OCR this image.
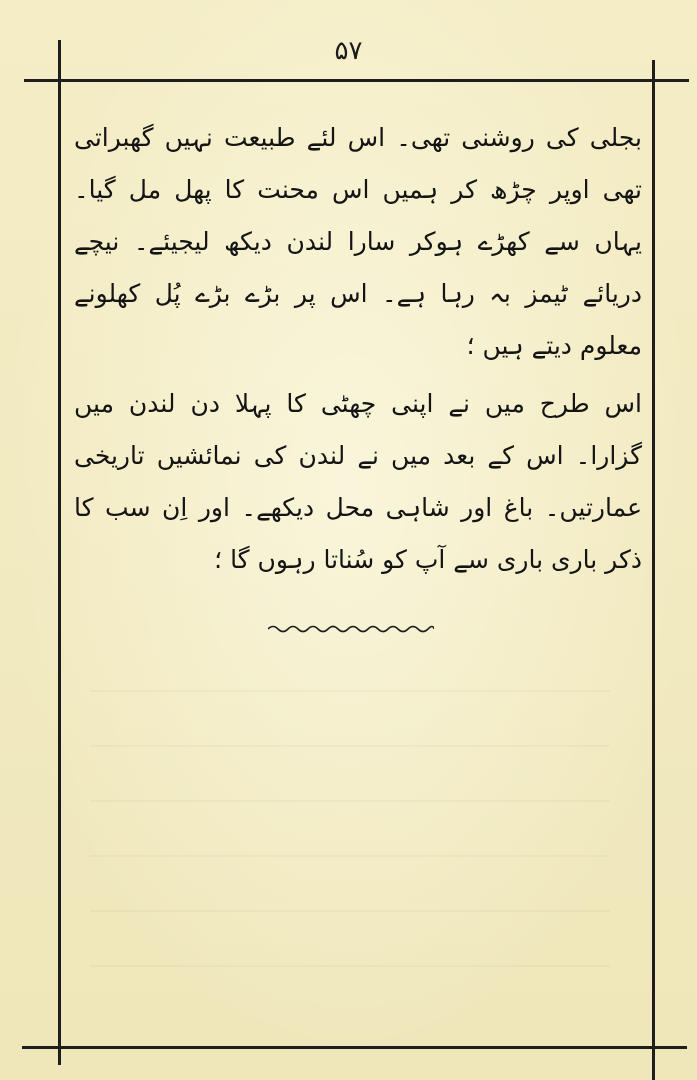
۵۷

بجلی کی روشنی تھی۔ اس لئے طبیعت نہیں گھبراتی تھی اوپر چڑھ کر ہمیں اس محنت کا پھل مل گیا۔ یہاں سے کھڑے ہوکر سارا لندن دیکھ لیجیئے۔ نیچے دریائے ٹیمز بہ رہا ہے۔ اس پر بڑے بڑے پُل کھلونے معلوم دیتے ہیں ؛

اس طرح میں نے اپنی چھٹی کا پہلا دن لندن میں گزارا۔ اس کے بعد میں نے لندن کی نمائشیں تاریخی عمارتیں۔ باغ اور شاہی محل دیکھے۔ اور اِن سب کا ذکر باری باری سے آپ کو سُناتا رہوں گا ؛
